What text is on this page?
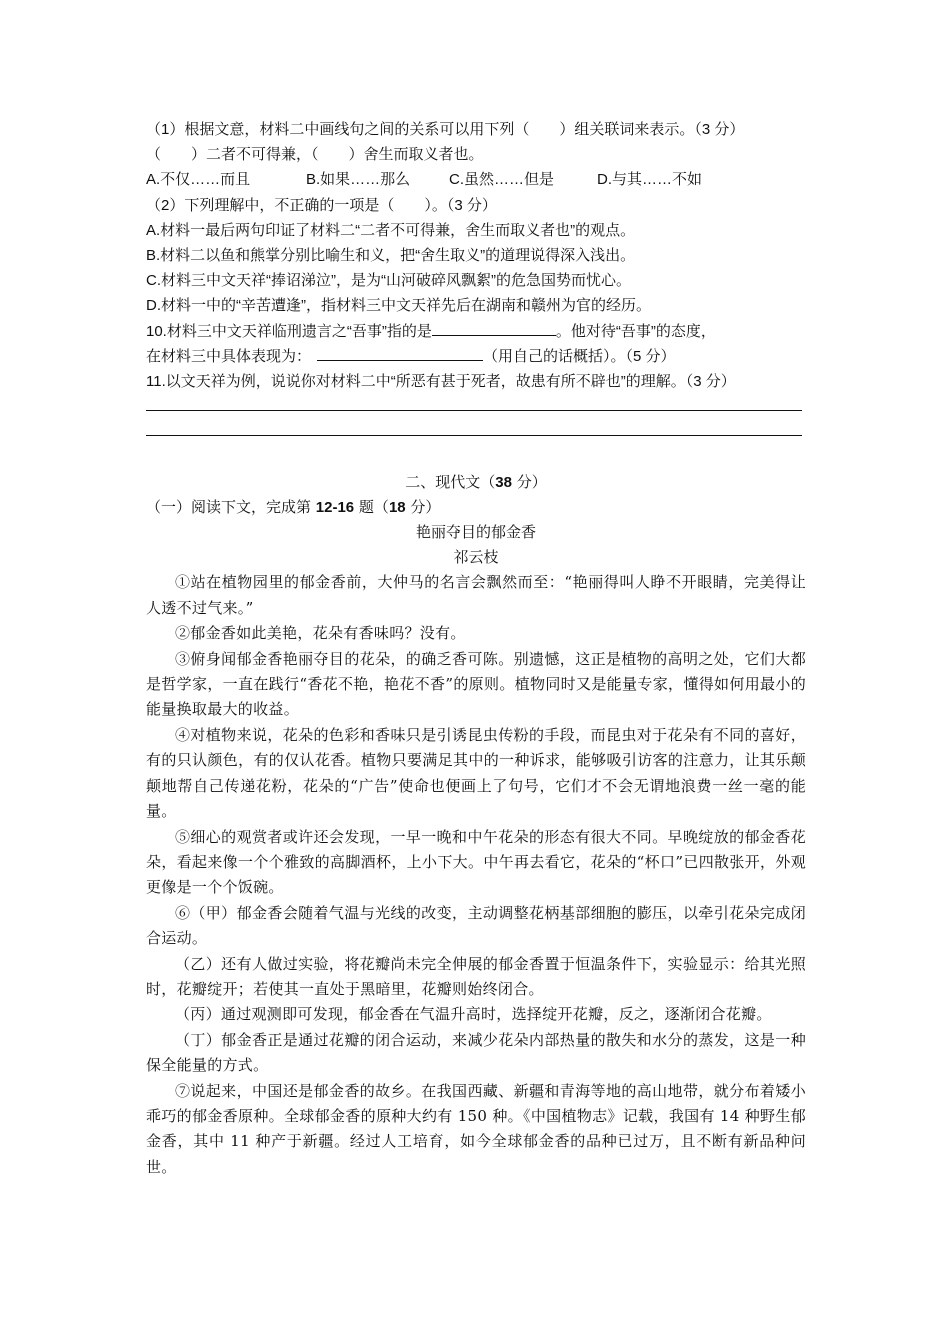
（1）根据文意，材料二中画线句之间的关系可以用下列（　　）组关联词来表示。（3 分）
（　　）二者不可得兼，（　　）舍生而取义者也。
A.不仅……而且	B.如果……那么	C.虽然……但是	D.与其……不如
（2）下列理解中，不正确的一项是（　　）。（3 分）
A.材料一最后两句印证了材料二“二者不可得兼，舍生而取义者也”的观点。
B.材料二以鱼和熊掌分别比喻生和义，把“舍生取义”的道理说得深入浅出。
C.材料三中文天祥“捧诏涕泣”，是为“山河破碎风飘絮”的危急国势而忧心。
D.材料一中的“辛苦遭逢”，指材料三中文天祥先后在湖南和赣州为官的经历。
10.材料三中文天祥临刑遗言之“吾事”指的是	。他对待“吾事”的态度，
在材料三中具体表现为：	（用自己的话概括）。（5 分）
11.以文天祥为例，说说你对材料二中“所恶有甚于死者，故患有所不辟也”的理解。（3 分）
二、现代文（38 分）
（一）阅读下文，完成第 12-16 题（18 分）
艳丽夺目的郁金香
祁云枝
①站在植物园里的郁金香前，大仲马的名言会飘然而至：“艳丽得叫人睁不开眼睛，完美得让人透不过气来。”
②郁金香如此美艳，花朵有香味吗？没有。
③俯身闻郁金香艳丽夺目的花朵，的确乏香可陈。别遗憾，这正是植物的高明之处，它们大都是哲学家，一直在践行“香花不艳，艳花不香”的原则。植物同时又是能量专家，懂得如何用最小的能量换取最大的收益。
④对植物来说，花朵的色彩和香味只是引诱昆虫传粉的手段，而昆虫对于花朵有不同的喜好，有的只认颜色，有的仅认花香。植物只要满足其中的一种诉求，能够吸引访客的注意力，让其乐颠颠地帮自己传递花粉，花朵的“广告”使命也便画上了句号，它们才不会无谓地浪费一丝一毫的能量。
⑤细心的观赏者或许还会发现，一早一晚和中午花朵的形态有很大不同。早晚绽放的郁金香花朵，看起来像一个个雅致的高脚酒杯，上小下大。中午再去看它，花朵的“杯口”已四散张开，外观更像是一个个饭碗。
⑥（甲）郁金香会随着气温与光线的改变，主动调整花柄基部细胞的膨压，以牵引花朵完成闭合运动。
（乙）还有人做过实验，将花瓣尚未完全伸展的郁金香置于恒温条件下，实验显示：给其光照时，花瓣绽开；若使其一直处于黑暗里，花瓣则始终闭合。
（丙）通过观测即可发现，郁金香在气温升高时，选择绽开花瓣，反之，逐渐闭合花瓣。
（丁）郁金香正是通过花瓣的闭合运动，来减少花朵内部热量的散失和水分的蒸发，这是一种保全能量的方式。
⑦说起来，中国还是郁金香的故乡。在我国西藏、新疆和青海等地的高山地带，就分布着矮小乖巧的郁金香原种。全球郁金香的原种大约有 150 种。《中国植物志》记载，我国有 14 种野生郁金香，其中 11 种产于新疆。经过人工培育，如今全球郁金香的品种已过万，且不断有新品种问世。
